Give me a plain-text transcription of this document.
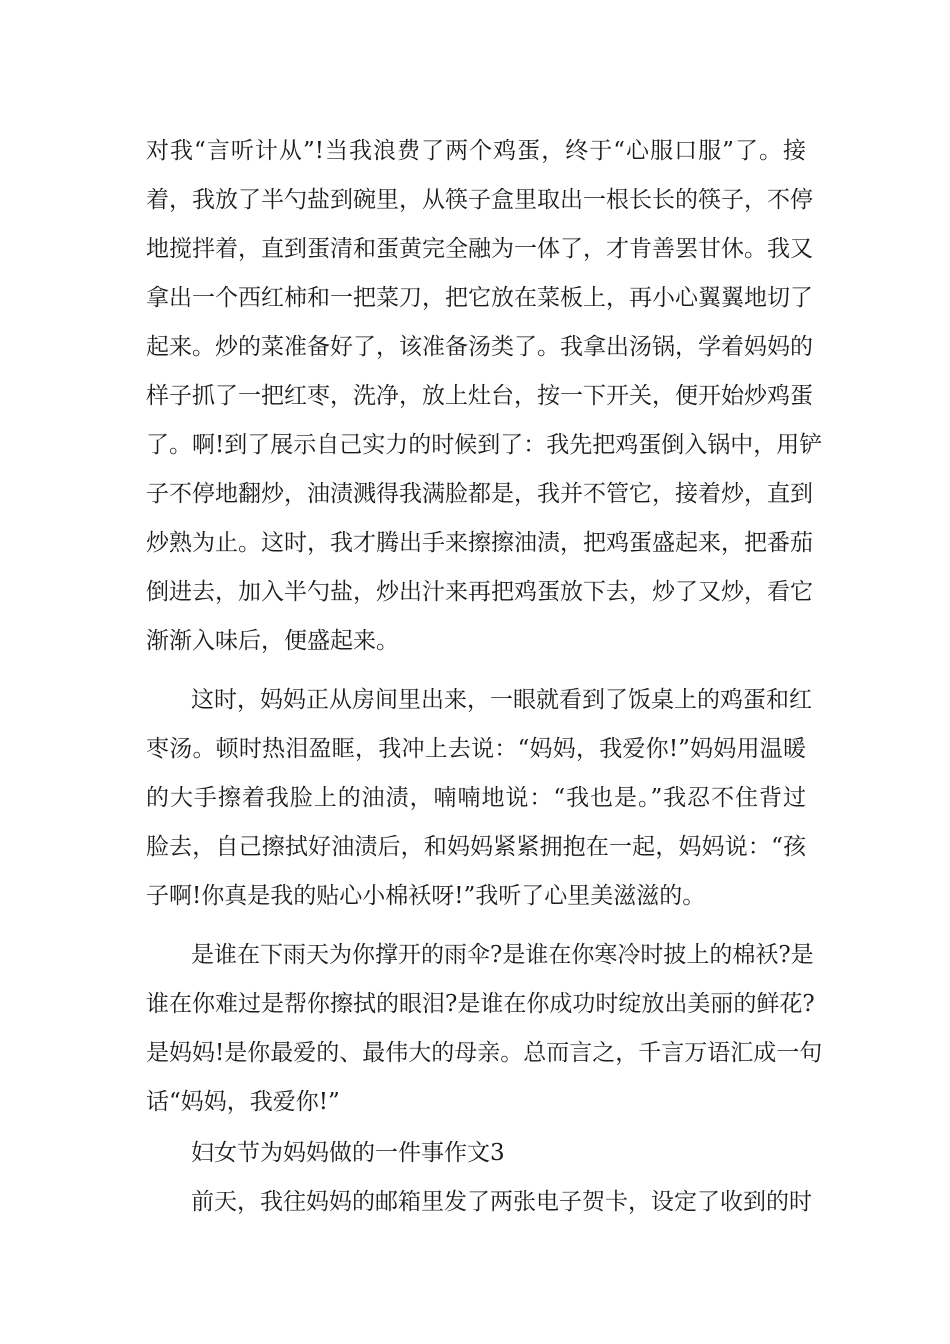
对我“言听计从”!当我浪费了两个鸡蛋，终于“心服口服”了。接
着，我放了半勺盐到碗里，从筷子盒里取出一根长长的筷子，不停
地搅拌着，直到蛋清和蛋黄完全融为一体了，才肯善罢甘休。我又
拿出一个西红柿和一把菜刀，把它放在菜板上，再小心翼翼地切了
起来。炒的菜准备好了，该准备汤类了。我拿出汤锅，学着妈妈的
样子抓了一把红枣，洗净，放上灶台，按一下开关，便开始炒鸡蛋
了。啊!到了展示自己实力的时候到了：我先把鸡蛋倒入锅中，用铲
子不停地翻炒，油渍溅得我满脸都是，我并不管它，接着炒，直到
炒熟为止。这时，我才腾出手来擦擦油渍，把鸡蛋盛起来，把番茄
倒进去，加入半勺盐，炒出汁来再把鸡蛋放下去，炒了又炒，看它
渐渐入味后，便盛起来。
这时，妈妈正从房间里出来，一眼就看到了饭桌上的鸡蛋和红
枣汤。顿时热泪盈眶，我冲上去说：“妈妈，我爱你!”妈妈用温暖
的大手擦着我脸上的油渍，喃喃地说：“我也是。”我忍不住背过
脸去，自己擦拭好油渍后，和妈妈紧紧拥抱在一起，妈妈说：“孩
子啊!你真是我的贴心小棉袄呀!”我听了心里美滋滋的。
是谁在下雨天为你撑开的雨伞?是谁在你寒冷时披上的棉袄?是
谁在你难过是帮你擦拭的眼泪?是谁在你成功时绽放出美丽的鲜花?
是妈妈!是你最爱的、最伟大的母亲。总而言之，千言万语汇成一句
话“妈妈，我爱你!”
妇女节为妈妈做的一件事作文3
前天，我往妈妈的邮箱里发了两张电子贺卡，设定了收到的时
